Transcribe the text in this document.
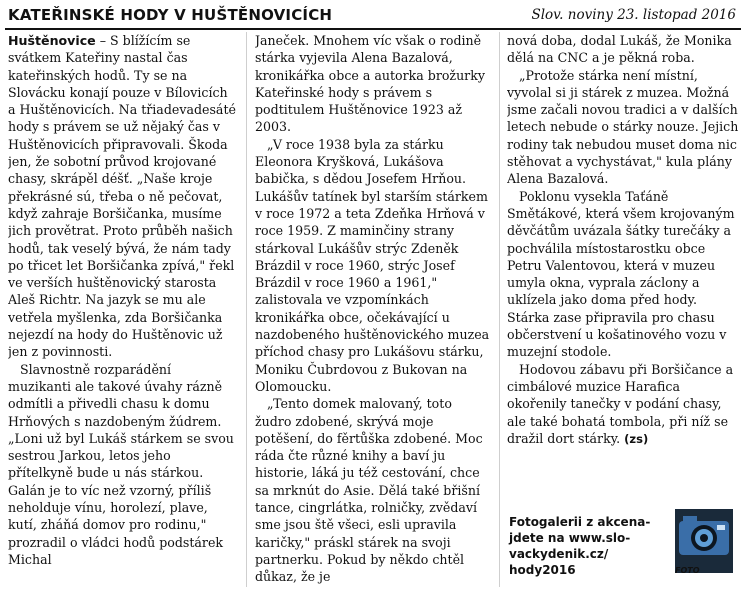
KATEŘINSKÉ HODY V HUŠTĚNOVICÍCH	Slov. noviny 23. listopad 2016

Huštěnovice – S blížícím se svátkem Kateřiny nastal čas kateřinských hodů. Ty se na Slovácku konají pouze v Bílovicích a Huštěnovicích. Na třiadevadesáté hody s právem se už nějaký čas v Huštěnovicích připravovali. Škoda jen, že sobotní průvod krojované chasy, skrápěl déšť. „Naše kroje překrásné sú, třeba o ně pečovat, když zahraje Boršičanka, musíme jich provětrat. Proto průběh našich hodů, tak veselý bývá, že nám tady po třicet let Boršičanka zpívá," řekl ve verších huštěnovický starosta Aleš Richtr. Na jazyk se mu ale vetřela myšlenka, zda Boršičanka nejezdí na hody do Huštěnovic už jen z povinnosti.

Slavnostně rozparádění muzikanti ale takové úvahy rázně odmítli a přivedli chasu k domu Hrňových s nazdobeným žúdrem. „Loni už byl Lukáš stárkem se svou sestrou Jarkou, letos jeho přítelkyně bude u nás stárkou. Galán je to víc než vzorný, příliš neholduje vínu, horolezí, plave, kutí, zháňá domov pro rodinu," prozradil o vládci hodů podstárek Michal

Janeček. Mnohem víc však o rodině stárka vyjevila Alena Bazalová, kronikářka obce a autorka brožurky Kateřinské hody s právem s podtitulem Huštěnovice 1923 až 2003.

„V roce 1938 byla za stárku Eleonora Kryšková, Lukášova babička, s dědou Josefem Hrňou. Lukášův tatínek byl starším stárkem v roce 1972 a teta Zdeňka Hrňová v roce 1959. Z maminčiny strany stárkoval Lukášův strýc Zdeněk Brázdil v roce 1960, strýc Josef Brázdil v roce 1960 a 1961," zalistovala ve vzpomínkách kronikářka obce, očekávající u nazdobeného huštěnovického muzea příchod chasy pro Lukášovu stárku, Moniku Čubrdovou z Bukovan na Olomoucku.

„Tento domek malovaný, toto žudro zdobené, skrývá moje potěšení, do fěrtůška zdobené. Moc ráda čte různé knihy a baví ju historie, láká ju též cestování, chce sa mrknút do Asie. Dělá také břišní tance, cingrlátka, rolničky, zvědaví sme jsou ště všeci, esli upravila karičky," práskl stárek na svoji partnerku. Pokud by někdo chtěl důkaz, že je

nová doba, dodal Lukáš, že Monika dělá na CNC a je pěkná roba.

„Protože stárka není místní, vyvolal si ji stárek z muzea. Možná jsme začali novou tradici a v dalších letech nebude o stárky nouze. Jejich rodiny tak nebudou muset doma nic stěhovat a vychystávat," kula plány Alena Bazalová.

Poklonu vysekla Taťáně Smětákové, která všem krojovaným děvčátům uvázala šátky turečáky a pochválila místostarostku obce Petru Valentovou, která v muzeu umyla okna, vyprala záclony a uklízela jako doma před hody. Stárka zase připravila pro chasu občerstvení u košatinového vozu v muzejní stodole.

Hodovou zábavu při Boršičance a cimbálové muzice Harafica okořenily tanečky v podání chasy, ale také bohatá tombola, při níž se dražil dort stárky. (zs)

Fotogalerii z akcena-
jdete na www.slo-
vackydenik.cz/
hody2016	FOTO
